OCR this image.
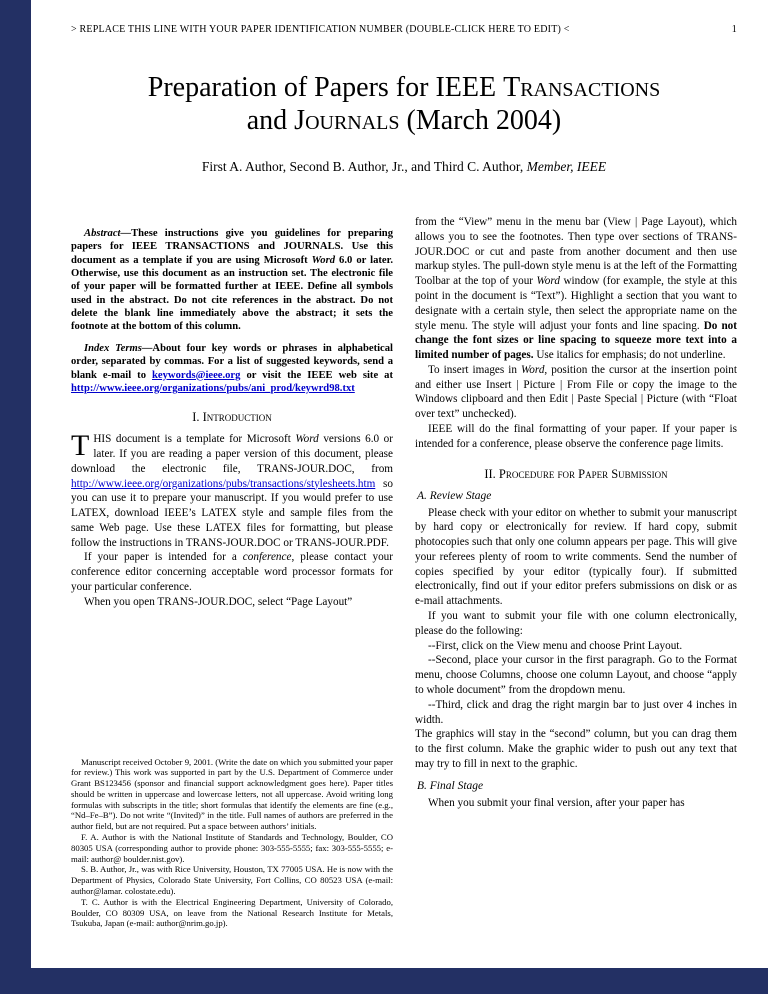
> REPLACE THIS LINE WITH YOUR PAPER IDENTIFICATION NUMBER (DOUBLE-CLICK HERE TO EDIT) <	1
Preparation of Papers for IEEE Transactions
and Journals (March 2004)
First A. Author, Second B. Author, Jr., and Third C. Author, Member, IEEE

Abstract—These instructions give you guidelines for preparing papers for IEEE TRANSACTIONS and JOURNALS. Use this document as a template if you are using Microsoft Word 6.0 or later. Otherwise, use this document as an instruction set. The electronic file of your paper will be formatted further at IEEE. Define all symbols used in the abstract. Do not cite references in the abstract. Do not delete the blank line immediately above the abstract; it sets the footnote at the bottom of this column.

Index Terms—About four key words or phrases in alphabetical order, separated by commas. For a list of suggested keywords, send a blank e-mail to keywords@ieee.org or visit the IEEE web site at http://www.ieee.org/organizations/pubs/ani_prod/keywrd98.txt

I. Introduction

THIS document is a template for Microsoft Word versions 6.0 or later. If you are reading a paper version of this document, please download the electronic file, TRANS-JOUR.DOC, from http://www.ieee.org/organizations/pubs/transactions/stylesheets.htm so you can use it to prepare your manuscript. If you would prefer to use LATEX, download IEEE’s LATEX style and sample files from the same Web page. Use these LATEX files for formatting, but please follow the instructions in TRANS-JOUR.DOC or TRANS-JOUR.PDF.

If your paper is intended for a conference, please contact your conference editor concerning acceptable word processor formats for your particular conference.

When you open TRANS-JOUR.DOC, select “Page Layout”

Manuscript received October 9, 2001. (Write the date on which you submitted your paper for review.) This work was supported in part by the U.S. Department of Commerce under Grant BS123456 (sponsor and financial support acknowledgment goes here). Paper titles should be written in uppercase and lowercase letters, not all uppercase. Avoid writing long formulas with subscripts in the title; short formulas that identify the elements are fine (e.g., “Nd–Fe–B”). Do not write “(Invited)” in the title. Full names of authors are preferred in the author field, but are not required. Put a space between authors’ initials.

F. A. Author is with the National Institute of Standards and Technology, Boulder, CO 80305 USA (corresponding author to provide phone: 303-555-5555; fax: 303-555-5555; e-mail: author@ boulder.nist.gov).

S. B. Author, Jr., was with Rice University, Houston, TX 77005 USA. He is now with the Department of Physics, Colorado State University, Fort Collins, CO 80523 USA (e-mail: author@lamar. colostate.edu).

T. C. Author is with the Electrical Engineering Department, University of Colorado, Boulder, CO 80309 USA, on leave from the National Research Institute for Metals, Tsukuba, Japan (e-mail: author@nrim.go.jp).

from the “View” menu in the menu bar (View | Page Layout), which allows you to see the footnotes. Then type over sections of TRANS-JOUR.DOC or cut and paste from another document and then use markup styles. The pull-down style menu is at the left of the Formatting Toolbar at the top of your Word window (for example, the style at this point in the document is “Text”). Highlight a section that you want to designate with a certain style, then select the appropriate name on the style menu. The style will adjust your fonts and line spacing. Do not change the font sizes or line spacing to squeeze more text into a limited number of pages. Use italics for emphasis; do not underline.

To insert images in Word, position the cursor at the insertion point and either use Insert | Picture | From File or copy the image to the Windows clipboard and then Edit | Paste Special | Picture (with “Float over text” unchecked).

IEEE will do the final formatting of your paper. If your paper is intended for a conference, please observe the conference page limits.

II. Procedure for Paper Submission
A. Review Stage

Please check with your editor on whether to submit your manuscript by hard copy or electronically for review. If hard copy, submit photocopies such that only one column appears per page. This will give your referees plenty of room to write comments. Send the number of copies specified by your editor (typically four). If submitted electronically, find out if your editor prefers submissions on disk or as e-mail attachments.

If you want to submit your file with one column electronically, please do the following:

--First, click on the View menu and choose Print Layout.

--Second, place your cursor in the first paragraph. Go to the Format menu, choose Columns, choose one column Layout, and choose “apply to whole document” from the dropdown menu.

--Third, click and drag the right margin bar to just over 4 inches in width.

The graphics will stay in the “second” column, but you can drag them to the first column. Make the graphic wider to push out any text that may try to fill in next to the graphic.

B. Final Stage

When you submit your final version, after your paper has
